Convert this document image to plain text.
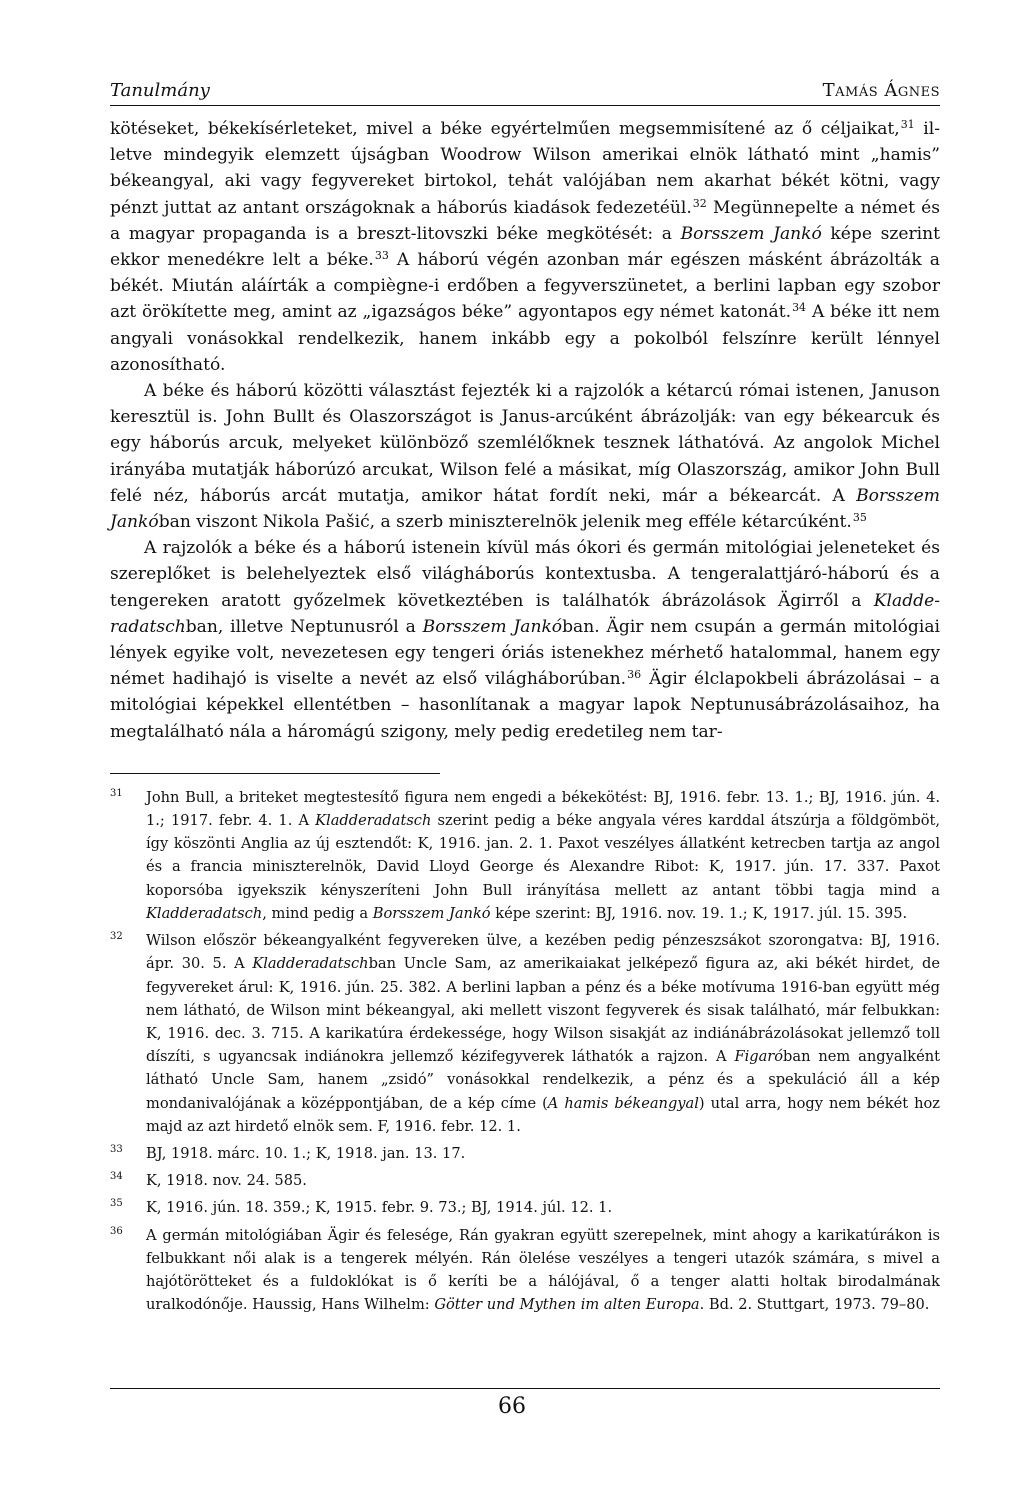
Tanulmány	Tamás Ágnes

kötéseket, békekísérleteket, mivel a béke egyértelműen megsemmisítené az ő céljaikat,$^{31}$ illetve mindegyik elemzett újságban Woodrow Wilson amerikai elnök látható mint „hamis” békeangyal, aki vagy fegyvereket birtokol, tehát valójában nem akarhat békét kötni, vagy pénzt juttat az antant országoknak a háborús kiadások fedezetéül.$^{32}$ Megünnepelte a német és a magyar propaganda is a breszt-litovszki béke megkötését: a Borsszem Jankó képe szerint ekkor menedékre lelt a béke.$^{33}$ A háború végén azonban már egészen másként ábrázolták a békét. Miután aláírták a compiègne-i erdőben a fegyverszünetet, a berlini lapban egy szobor azt örökítette meg, amint az „igazságos béke” agyontapos egy német katonát.$^{34}$ A béke itt nem angyali vonásokkal rendelkezik, hanem inkább egy a pokolból felszínre került lénnyel azonosítható.

A béke és háború közötti választást fejezték ki a rajzolók a kétarcú római istenen, Januson keresztül is. John Bullt és Olaszországot is Janus-arcúként ábrázolják: van egy békearcuk és egy háborús arcuk, melyeket különböző szemlélőknek tesznek láthatóvá. Az angolok Michel irányába mutatják háborúzó arcukat, Wilson felé a másikat, míg Olaszország, amikor John Bull felé néz, háborús arcát mutatja, amikor hátat fordít neki, már a békearcát. A Borsszem Jankóban viszont Nikola Pašić, a szerb miniszterelnök jelenik meg efféle kétarcúként.$^{35}$

A rajzolók a béke és a háború istenein kívül más ókori és germán mitológiai jeleneteket és szereplőket is belehelyeztek első világháborús kontextusba. A tengeralattjáró-háború és a tengereken aratott győzelmek következtében is találhatók ábrázolások Ägirről a Kladderadatschban, illetve Neptunusról a Borsszem Jankóban. Ägir nem csupán a germán mitológiai lények egyike volt, nevezetesen egy tengeri óriás istenekhez mérhető hatalommal, hanem egy német hadihajó is viselte a nevét az első világháborúban.$^{36}$ Ägir élclapokbeli ábrázolásai – a mitológiai képekkel ellentétben – hasonlítanak a magyar lapok Neptunusábrázolásaihoz, ha megtalálható nála a háromágú szigony, mely pedig eredetileg nem tar-

31	John Bull, a briteket megtestesítő figura nem engedi a békekötést: BJ, 1916. febr. 13. 1.; BJ, 1916. jún. 4. 1.; 1917. febr. 4. 1. A Kladderadatsch szerint pedig a béke angyala véres karddal átszúrja a földgömböt, így köszönti Anglia az új esztendőt: K, 1916. jan. 2. 1. Paxot veszélyes állatként ketrecben tartja az angol és a francia miniszterelnök, David Lloyd George és Alexandre Ribot: K, 1917. jún. 17. 337. Paxot koporsóba igyekszik kényszeríteni John Bull irányítása mellett az antant többi tagja mind a Kladderadatsch, mind pedig a Borsszem Jankó képe szerint: BJ, 1916. nov. 19. 1.; K, 1917. júl. 15. 395.
32	Wilson először békeangyalként fegyvereken ülve, a kezében pedig pénzeszsákot szorongatva: BJ, 1916. ápr. 30. 5. A Kladderadatschban Uncle Sam, az amerikaiakat jelképező figura az, aki békét hirdet, de fegyvereket árul: K, 1916. jún. 25. 382. A berlini lapban a pénz és a béke motívuma 1916-ban együtt még nem látható, de Wilson mint békeangyal, aki mellett viszont fegyverek és sisak található, már felbukkan: K, 1916. dec. 3. 715. A karikatúra érdekessége, hogy Wilson sisakját az indiánábrázolásokat jellemző toll díszíti, s ugyancsak indiánokra jellemző kézifegyverek láthatók a rajzon. A Figaróban nem angyalként látható Uncle Sam, hanem „zsidó” vonásokkal rendelkezik, a pénz és a spekuláció áll a kép mondanivalójának a középpontjában, de a kép címe (A hamis békeangyal) utal arra, hogy nem békét hoz majd az azt hirdető elnök sem. F, 1916. febr. 12. 1.
33	BJ, 1918. márc. 10. 1.; K, 1918. jan. 13. 17.
34	K, 1918. nov. 24. 585.
35	K, 1916. jún. 18. 359.; K, 1915. febr. 9. 73.; BJ, 1914. júl. 12. 1.
36	A germán mitológiában Ägir és felesége, Rán gyakran együtt szerepelnek, mint ahogy a karikatúrákon is felbukkant női alak is a tengerek mélyén. Rán ölelése veszélyes a tengeri utazók számára, s mivel a hajótörötteket és a fuldoklókat is ő keríti be a hálójával, ő a tenger alatti holtak birodalmának uralkodónője. Haussig, Hans Wilhelm: Götter und Mythen im alten Europa. Bd. 2. Stuttgart, 1973. 79–80.
66
